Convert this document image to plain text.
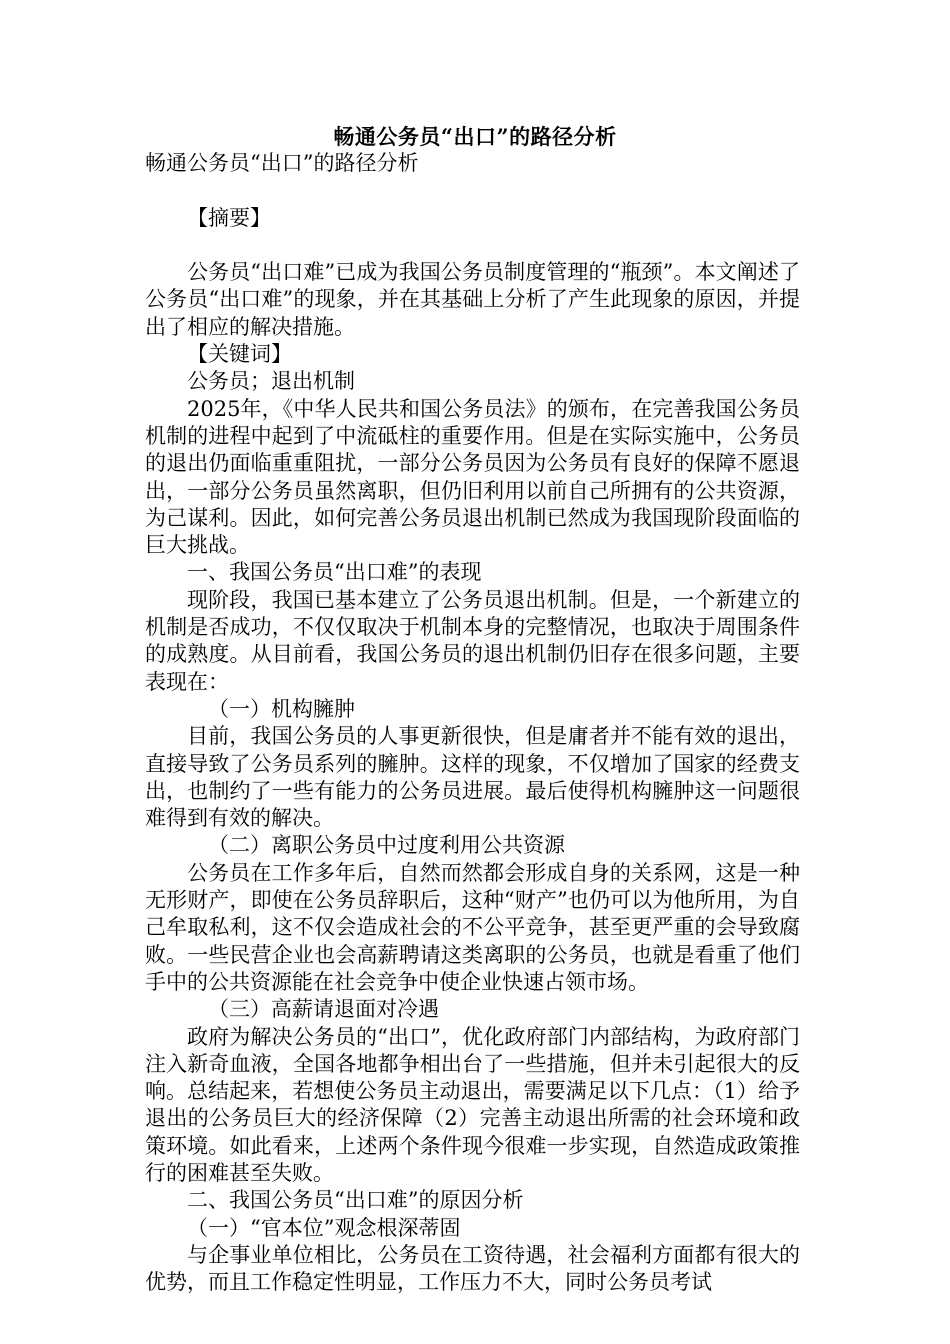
畅通公务员“出口”的路径分析

畅通公务员“出口”的路径分析

【摘要】

公务员“出口难”已成为我国公务员制度管理的“瓶颈”。本文阐述了公务员“出口难”的现象，并在其基础上分析了产生此现象的原因，并提出了相应的解决措施。

【关键词】

公务员；退出机制

2025年，《中华人民共和国公务员法》的颁布，在完善我国公务员机制的进程中起到了中流砥柱的重要作用。但是在实际实施中，公务员的退出仍面临重重阻扰，一部分公务员因为公务员有良好的保障不愿退出，一部分公务员虽然离职，但仍旧利用以前自己所拥有的公共资源，为己谋利。因此，如何完善公务员退出机制已然成为我国现阶段面临的巨大挑战。

一、我国公务员“出口难”的表现

现阶段，我国已基本建立了公务员退出机制。但是，一个新建立的机制是否成功，不仅仅取决于机制本身的完整情况，也取决于周围条件的成熟度。从目前看，我国公务员的退出机制仍旧存在很多问题，主要表现在：

（一）机构臃肿

目前，我国公务员的人事更新很快，但是庸者并不能有效的退出，直接导致了公务员系列的臃肿。这样的现象，不仅增加了国家的经费支出，也制约了一些有能力的公务员进展。最后使得机构臃肿这一问题很难得到有效的解决。

（二）离职公务员中过度利用公共资源

公务员在工作多年后，自然而然都会形成自身的关系网，这是一种无形财产，即使在公务员辞职后，这种“财产”也仍可以为他所用，为自己牟取私利，这不仅会造成社会的不公平竞争，甚至更严重的会导致腐败。一些民营企业也会高薪聘请这类离职的公务员，也就是看重了他们手中的公共资源能在社会竞争中使企业快速占领市场。

（三）高薪请退面对冷遇

政府为解决公务员的“出口”，优化政府部门内部结构，为政府部门注入新奇血液，全国各地都争相出台了一些措施，但并未引起很大的反响。总结起来，若想使公务员主动退出，需要满足以下几点：（1）给予退出的公务员巨大的经济保障（2）完善主动退出所需的社会环境和政策环境。如此看来，上述两个条件现今很难一步实现，自然造成政策推行的困难甚至失败。

二、我国公务员“出口难”的原因分析

（一）“官本位”观念根深蒂固

与企事业单位相比，公务员在工资待遇，社会福利方面都有很大的优势，而且工作稳定性明显，工作压力不大，同时公务员考试
